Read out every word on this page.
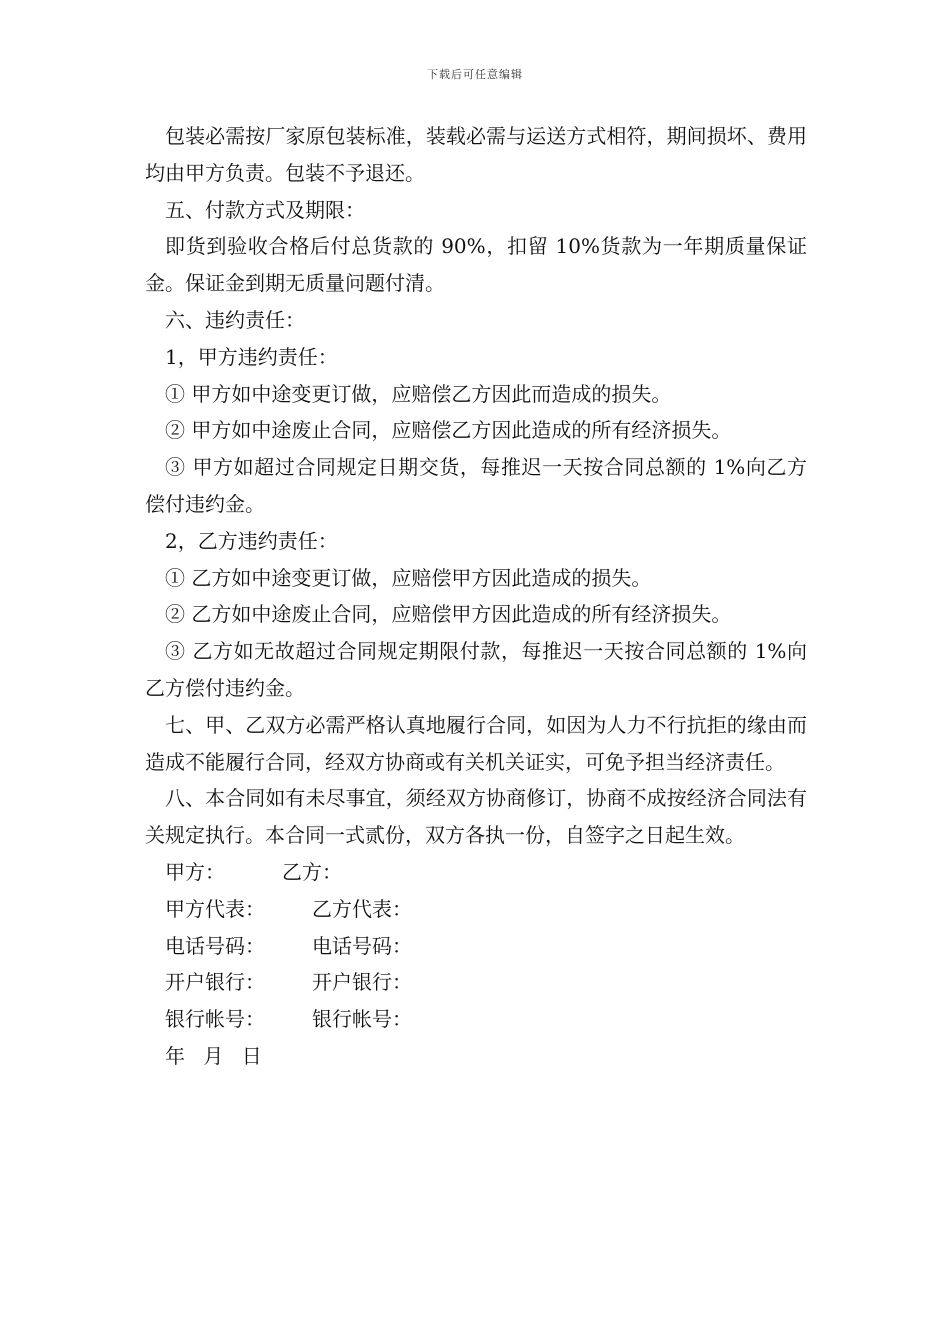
下载后可任意编辑

包装必需按厂家原包装标准，装载必需与运送方式相符，期间损坏、费用均由甲方负责。包装不予退还。

五、付款方式及期限：

即货到验收合格后付总货款的 90%，扣留 10%货款为一年期质量保证金。保证金到期无质量问题付清。

六、违约责任：

1，甲方违约责任：

① 甲方如中途变更订做，应赔偿乙方因此而造成的损失。

② 甲方如中途废止合同，应赔偿乙方因此造成的所有经济损失。

③ 甲方如超过合同规定日期交货，每推迟一天按合同总额的 1%向乙方偿付违约金。

2，乙方违约责任：

① 乙方如中途变更订做，应赔偿甲方因此造成的损失。

② 乙方如中途废止合同，应赔偿甲方因此造成的所有经济损失。

③ 乙方如无故超过合同规定期限付款，每推迟一天按合同总额的 1%向乙方偿付违约金。

七、甲、乙双方必需严格认真地履行合同，如因为人力不行抗拒的缘由而造成不能履行合同，经双方协商或有关机关证实，可免予担当经济责任。

八、本合同如有未尽事宜，须经双方协商修订，协商不成按经济合同法有关规定执行。本合同一式贰份，双方各执一份，自签字之日起生效。

甲方：	乙方：
甲方代表：	乙方代表：
电话号码：	电话号码：
开户银行：	开户银行：
银行帐号：	银行帐号：

年 月 日
